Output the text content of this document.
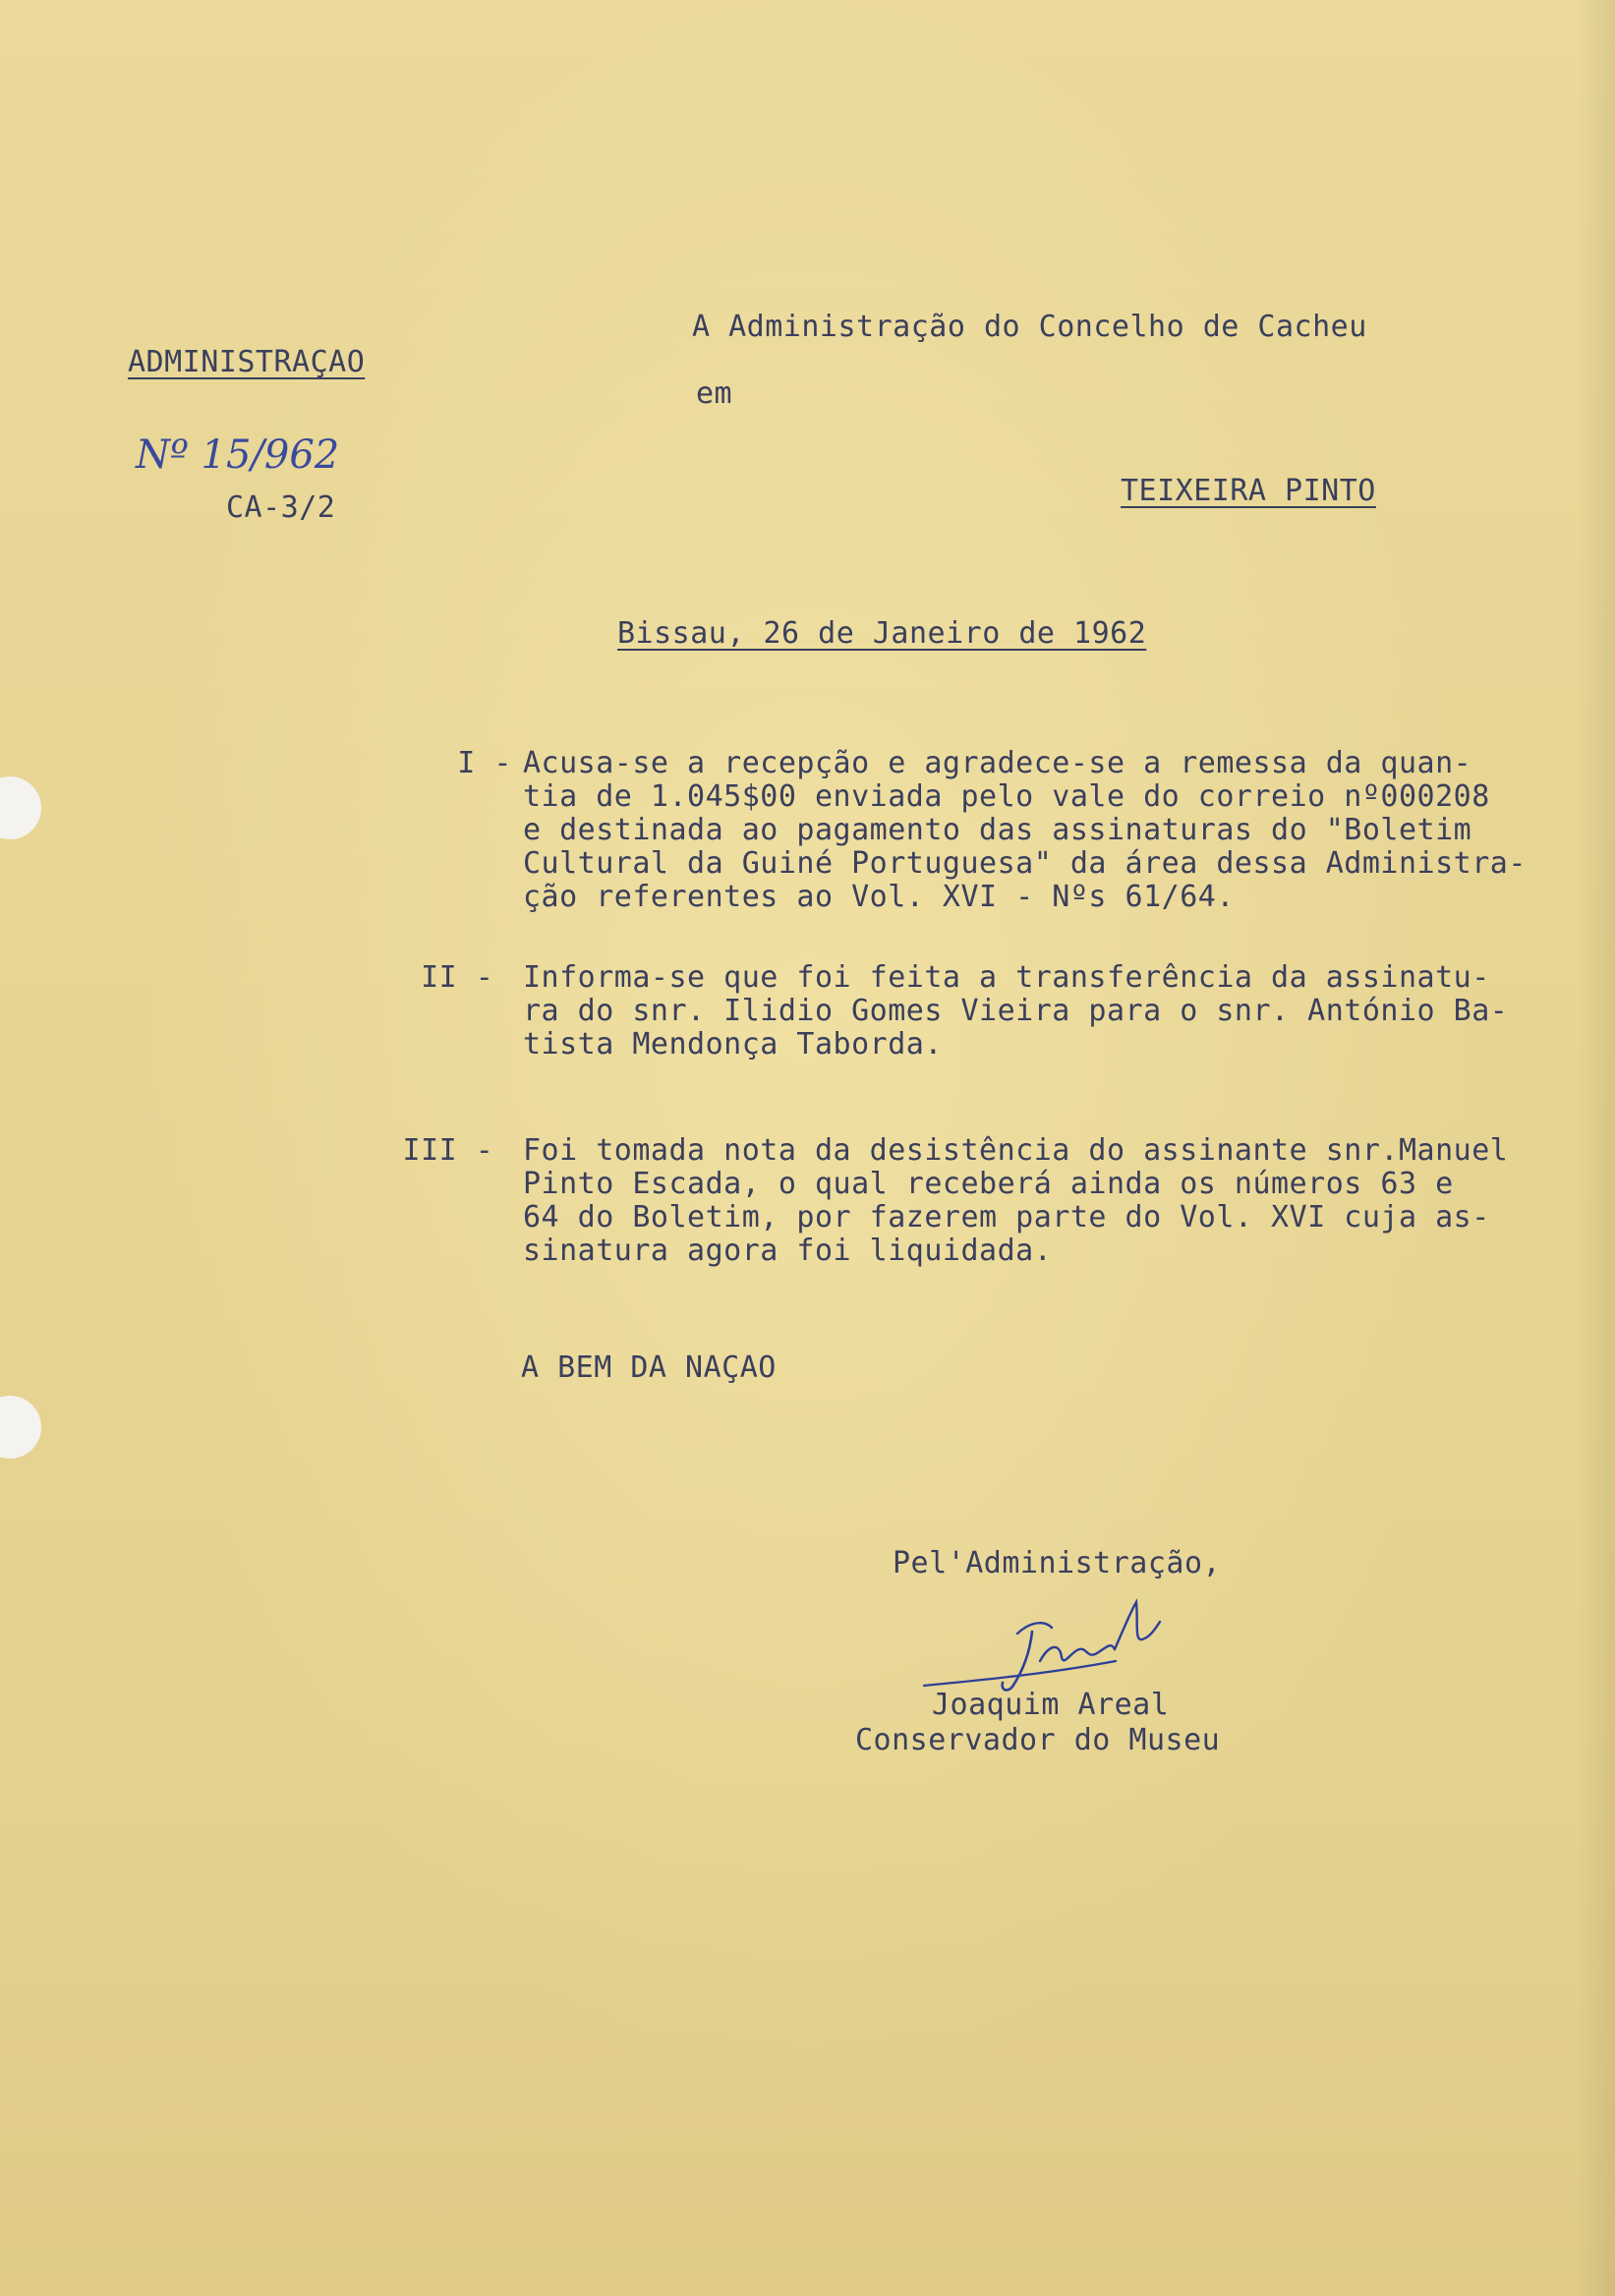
ADMINISTRAÇAO
Nº 15/962
CA-3/2
A Administração do Concelho de Cacheu
em
TEIXEIRA PINTO
Bissau, 26 de Janeiro de 1962
I - Acusa-se a recepção e agradece-se a remessa da quan-
tia de 1.045$00 enviada pelo vale do correio nº000208
e destinada ao pagamento das assinaturas do "Boletim
Cultural da Guiné Portuguesa" da área dessa Administra-
ção referentes ao Vol. XVI - Nºs 61/64.
II - Informa-se que foi feita a transferência da assinatu-
ra do snr. Ilidio Gomes Vieira para o snr. António Ba-
tista Mendonça Taborda.
III - Foi tomada nota da desistência do assinante snr.Manuel
Pinto Escada, o qual receberá ainda os números 63 e
64 do Boletim, por fazerem parte do Vol. XVI cuja as-
sinatura agora foi liquidada.
A BEM DA NAÇAO
Pel'Administração,
Joaquim Areal
Conservador do Museu
